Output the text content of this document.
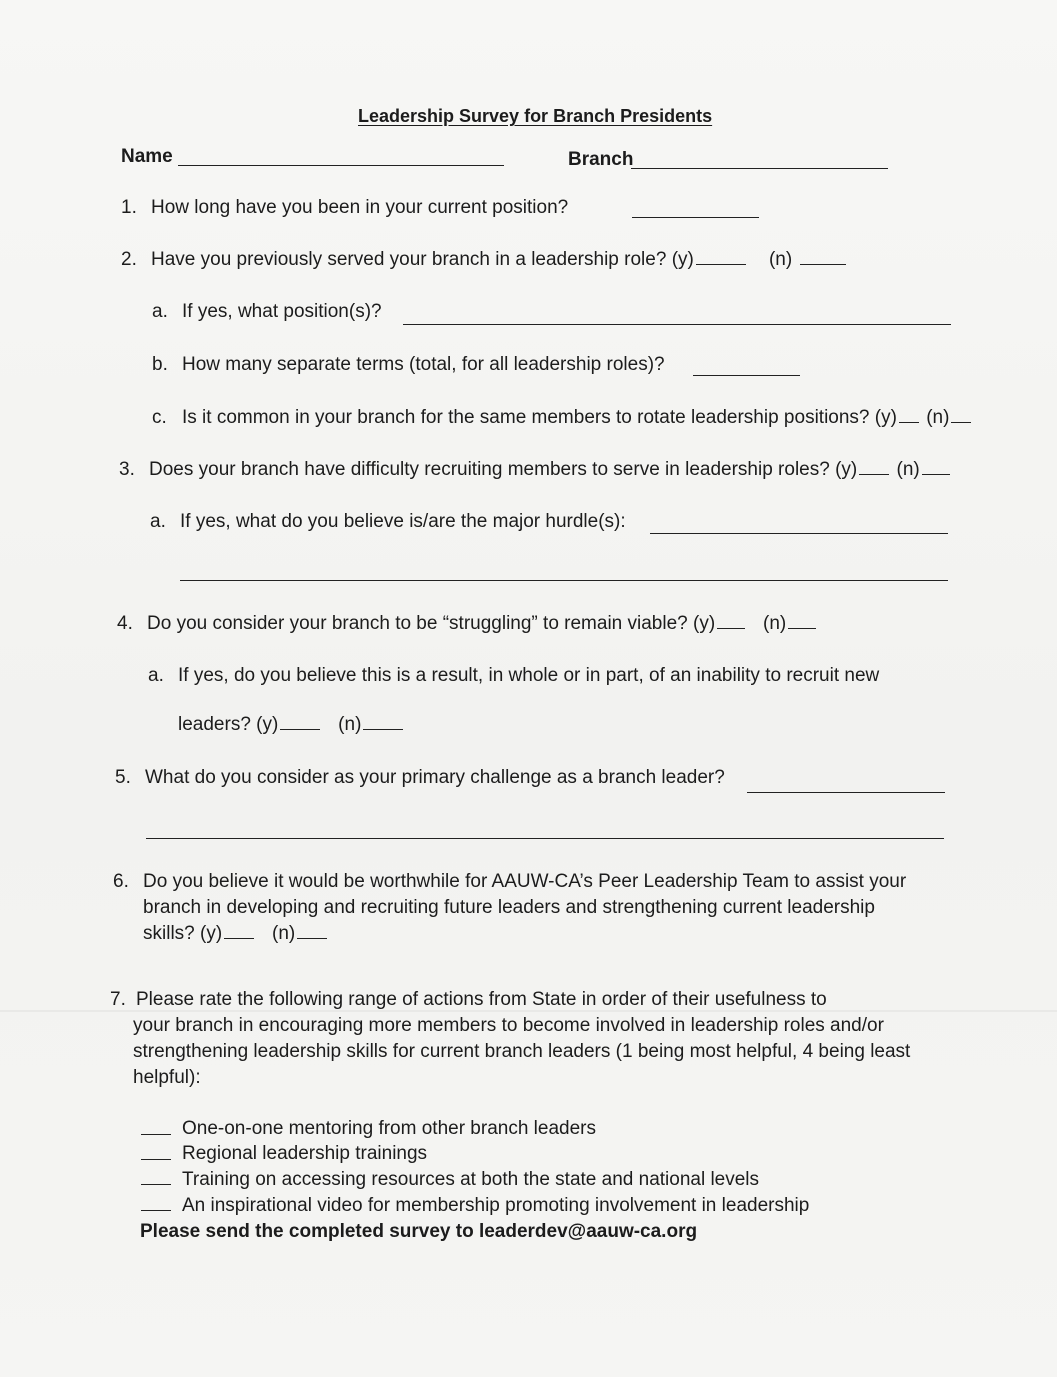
Leadership Survey for Branch Presidents
Name	Branch
1. How long have you been in your current position?
2. Have you previously served your branch in a leadership role? (y)	(n)
a. If yes, what position(s)?
b. How many separate terms (total, for all leadership roles)?
c. Is it common in your branch for the same members to rotate leadership positions? (y) (n)
3. Does your branch have difficulty recruiting members to serve in leadership roles? (y) (n)
a. If yes, what do you believe is/are the major hurdle(s):
4. Do you consider your branch to be “struggling” to remain viable? (y)	(n)
a. If yes, do you believe this is a result, in whole or in part, of an inability to recruit new
leaders? (y)	(n)
5. What do you consider as your primary challenge as a branch leader?
6. Do you believe it would be worthwhile for AAUW-CA’s Peer Leadership Team to assist your
branch in developing and recruiting future leaders and strengthening current leadership
skills? (y)	(n)
7. Please rate the following range of actions from State in order of their usefulness to
your branch in encouraging more members to become involved in leadership roles and/or
strengthening leadership skills for current branch leaders (1 being most helpful, 4 being least
helpful):
One-on-one mentoring from other branch leaders
Regional leadership trainings
Training on accessing resources at both the state and national levels
An inspirational video for membership promoting involvement in leadership
Please send the completed survey to leaderdev@aauw-ca.org
